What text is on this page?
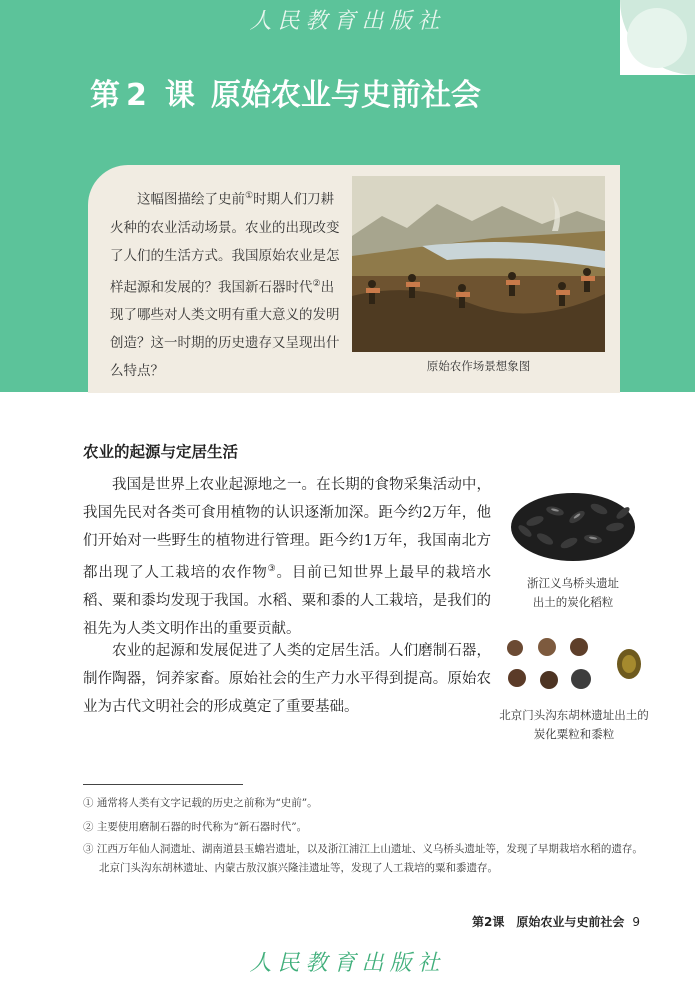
人民教育出版社
第 2 课 原始农业与史前社会

这幅图描绘了史前①时期人们刀耕火种的农业活动场景。农业的出现改变了人们的生活方式。我国原始农业是怎样起源和发展的？我国新石器时代②出现了哪些对人类文明有重大意义的发明创造？这一时期的历史遗存又呈现出什么特点？	原始农作场景想象图
农业的起源与定居生活

我国是世界上农业起源地之一。在长期的食物采集活动中，我国先民对各类可食用植物的认识逐渐加深。距今约2万年，他们开始对一些野生的植物进行管理。距今约1万年，我国南北方都出现了人工栽培的农作物③。目前已知世界上最早的栽培水稻、粟和黍均发现于我国。水稻、粟和黍的人工栽培，是我们的祖先为人类文明作出的重要贡献。

农业的起源和发展促进了人类的定居生活。人们磨制石器，制作陶器，饲养家畜。原始社会的生产力水平得到提高。原始农业为古代文明社会的形成奠定了重要基础。

浙江义乌桥头遗址
出土的炭化稻粒
北京门头沟东胡林遗址出土的
炭化粟粒和黍粒

① 通常将人类有文字记载的历史之前称为“史前”。

② 主要使用磨制石器的时代称为“新石器时代”。

③ 江西万年仙人洞遗址、湖南道县玉蟾岩遗址，以及浙江浦江上山遗址、义乌桥头遗址等，发现了早期栽培水稻的遗存。北京门头沟东胡林遗址、内蒙古敖汉旗兴隆洼遗址等，发现了人工栽培的粟和黍遗存。

第2课　原始农业与史前社会 9
人民教育出版社
